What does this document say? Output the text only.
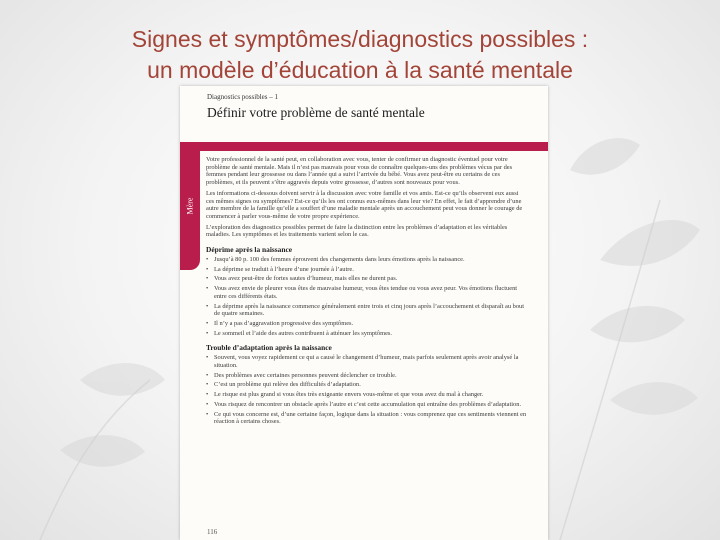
Signes et symptômes/diagnostics possibles :
un modèle d’éducation à la santé mentale
Diagnostics possibles – 1
Définir votre problème de santé mentale
Mère

Votre professionnel de la santé peut, en collaboration avec vous, tenter de confirmer un diagnostic éventuel pour votre problème de santé mentale. Mais il n’est pas mauvais pour vous de connaître quelques-uns des problèmes vécus par des femmes pendant leur grossesse ou dans l’année qui a suivi l’arrivée du bébé. Vous avez peut-être eu certains de ces problèmes, et ils peuvent s’être aggravés depuis votre grossesse, d’autres sont nouveaux pour vous.

Les informations ci-dessous doivent servir à la discussion avec votre famille et vos amis. Est-ce qu’ils observent eux aussi ces mêmes signes ou symptômes? Est-ce qu’ils les ont connus eux-mêmes dans leur vie? En effet, le fait d’apprendre d’une autre membre de la famille qu’elle a souffert d’une maladie mentale après un accouchement peut vous donner le courage de commencer à parler vous-même de votre propre expérience.

L’exploration des diagnostics possibles permet de faire la distinction entre les problèmes d’adaptation et les véritables maladies. Les symptômes et les traitements varient selon le cas.

Déprime après la naissance
• Jusqu’à 80 p. 100 des femmes éprouvent des changements dans leurs émotions après la naissance.
• La déprime se traduit à l’heure d’une journée à l’autre.
• Vous avez peut-être de fortes sautes d’humeur, mais elles ne durent pas.
• Vous avez envie de pleurer vous êtes de mauvaise humeur, vous êtes tendue ou vous avez peur. Vos émotions fluctuent entre ces différents états.
• La déprime après la naissance commence généralement entre trois et cinq jours après l’accouchement et disparaît au bout de quatre semaines.
• Il n’y a pas d’aggravation progressive des symptômes.
• Le sommeil et l’aide des autres contribuent à atténuer les symptômes.
Trouble d’adaptation après la naissance
• Souvent, vous voyez rapidement ce qui a causé le changement d’humeur, mais parfois seulement après avoir analysé la situation.
• Des problèmes avec certaines personnes peuvent déclencher ce trouble.
• C’est un problème qui relève des difficultés d’adaptation.
• Le risque est plus grand si vous êtes très exigeante envers vous-même et que vous avez du mal à changer.
• Vous risquez de rencontrer un obstacle après l’autre et c’est cette accumulation qui entraîne des problèmes d’adaptation.
• Ce qui vous concerne est, d’une certaine façon, logique dans la situation : vous comprenez que ces sentiments viennent en réaction à certains choses.
116
